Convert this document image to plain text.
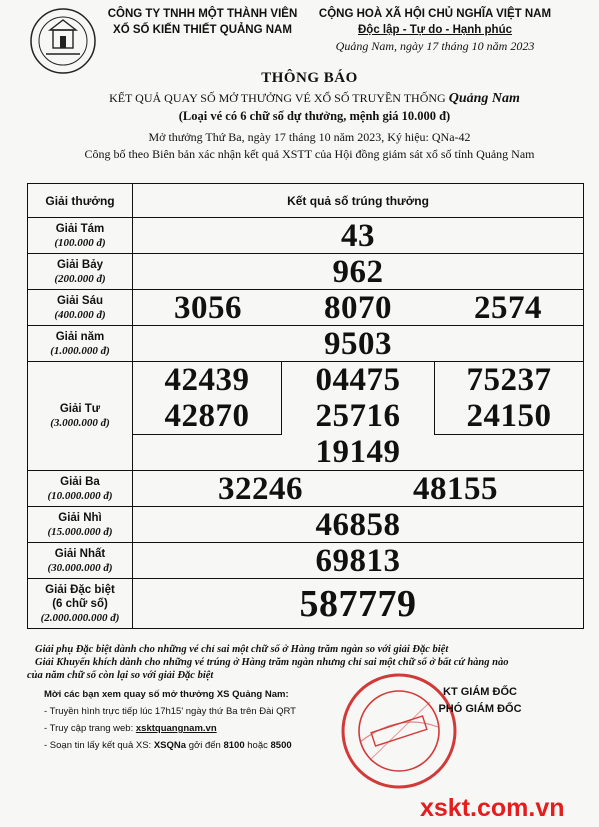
CÔNG TY TNHH MỘT THÀNH VIÊN
XỔ SỐ KIẾN THIẾT QUẢNG NAM
CỘNG HOÀ XÃ HỘI CHỦ NGHĨA VIỆT NAM
Độc lập - Tự do - Hạnh phúc
Quảng Nam, ngày 17 tháng 10 năm 2023
THÔNG BÁO
KẾT QUẢ QUAY SỐ MỞ THƯỞNG VÉ XỔ SỐ TRUYỀN THỐNG Quảng Nam
(Loại vé có 6 chữ số dự thưởng, mệnh giá 10.000 đ)
Mở thưởng Thứ Ba, ngày 17 tháng 10 năm 2023, Ký hiệu: QNa-42
Công bố theo Biên bản xác nhận kết quả XSTT của Hội đồng giám sát xổ số tỉnh Quảng Nam
Giải thưởng	Kết quả số trúng thưởng
Giải Tám
(100.000 đ)	43
Giải Bảy
(200.000 đ)	962
Giải Sáu
(400.000 đ)	3056 8070 2574

Giải năm
(1.000.000 đ)	9503
Giải Tư
(3.000.000 đ)

42439	04475	75237
42870	25716	24150
	19149	

Giải Ba
(10.000.000 đ)	32246	48155

Giải Nhì
(15.000.000 đ)	46858
Giải Nhất
(30.000.000 đ)	69813
Giải Đặc biệt
(6 chữ số)
(2.000.000.000 đ)	587779
Giải phụ Đặc biệt dành cho những vé chỉ sai một chữ số ở Hàng trăm ngàn so với giải Đặc biệt
Giải Khuyến khích dành cho những vé trúng ở Hàng trăm ngàn nhưng chỉ sai một chữ số ở bất cứ hàng nào
của năm chữ số còn lại so với giải Đặc biệt
Mời các bạn xem quay số mở thưởng XS Quảng Nam:
- Truyền hình trực tiếp lúc 17h15' ngày thứ Ba trên Đài QRT
- Truy cập trang web: xskt​quangnam.vn
- Soạn tin lấy kết quả XS: XSQNa gởi đến 8100 hoặc 8500
KT GIÁM ĐỐC
PHÓ GIÁM ĐỐC
xskt.com.vn
